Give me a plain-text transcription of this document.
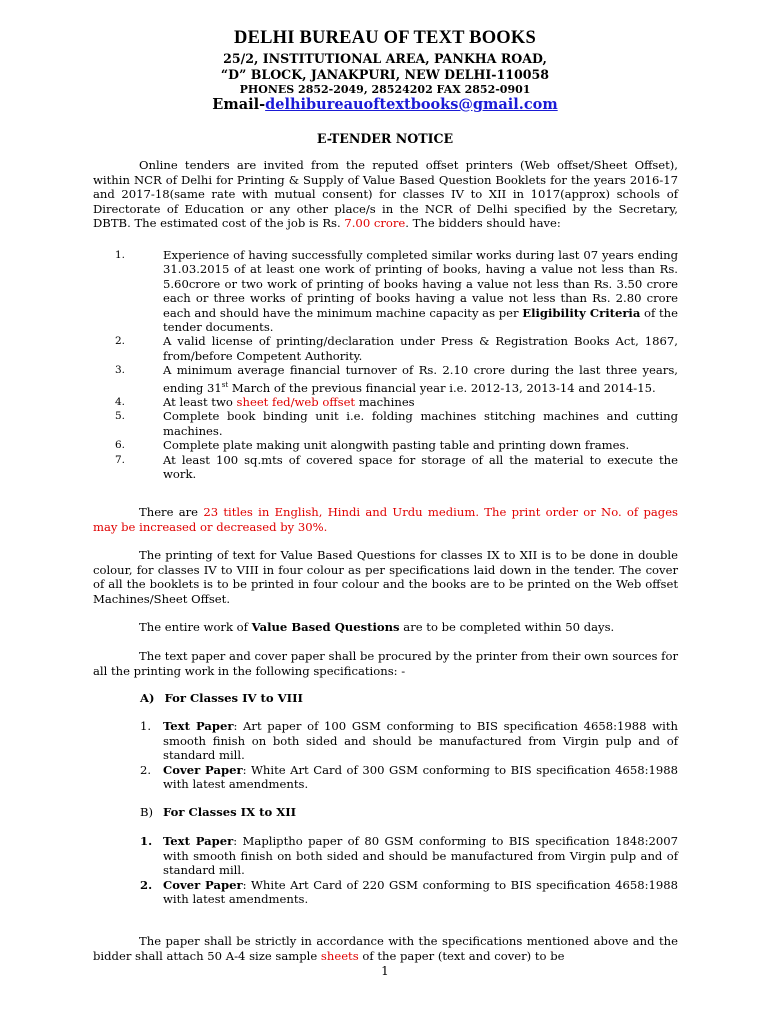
DELHI BUREAU OF TEXT BOOKS
25/2, INSTITUTIONAL AREA, PANKHA ROAD,
“D” BLOCK, JANAKPURI, NEW DELHI-110058
PHONES 2852-2049, 28524202 FAX 2852-0901
Email-delhibureauoftextbooks@gmail.com
E-TENDER NOTICE
Online tenders are invited from the reputed offset printers (Web offset/Sheet Offset), within NCR of Delhi for Printing & Supply of Value Based Question Booklets for the years 2016-17 and 2017-18(same rate with mutual consent) for classes IV to XII in 1017(approx) schools of Directorate of Education or any other place/s in the NCR of Delhi specified by the Secretary, DBTB. The estimated cost of the job is Rs. 7.00 crore. The bidders should have:
1.	Experience of having successfully completed similar works during last 07 years ending 31.03.2015 of at least one work of printing of books, having a value not less than Rs. 5.60crore or two work of printing of books having a value not less than Rs. 3.50 crore each or three works of printing of books having a value not less than Rs. 2.80 crore each and should have the minimum machine capacity as per Eligibility Criteria of the tender documents.
2.	A valid license of printing/declaration under Press & Registration Books Act, 1867, from/before Competent Authority.
3.	A minimum average financial turnover of Rs. 2.10 crore during the last three years, ending 31st March of the previous financial year i.e. 2012-13, 2013-14 and 2014-15.
4.	At least two sheet fed/web offset machines
5.	Complete book binding unit i.e. folding machines stitching machines and cutting machines.
6.	Complete plate making unit alongwith pasting table and printing down frames.
7.	At least 100 sq.mts of covered space for storage of all the material to execute the work.
There are 23 titles in English, Hindi and Urdu medium. The print order or No. of pages may be increased or decreased by 30%.
The printing of text for Value Based Questions for classes IX to XII is to be done in double colour, for classes IV to VIII in four colour as per specifications laid down in the tender. The cover of all the booklets is to be printed in four colour and the books are to be printed on the Web offset Machines/Sheet Offset.
The entire work of Value Based Questions are to be completed within 50 days.
The text paper and cover paper shall be procured by the printer from their own sources for all the printing work in the following specifications: -
A) For Classes IV to VIII
1. Text Paper: Art paper of 100 GSM conforming to BIS specification 4658:1988 with smooth finish on both sided and should be manufactured from Virgin pulp and of standard mill.
2. Cover Paper: White Art Card of 300 GSM conforming to BIS specification 4658:1988 with latest amendments.
B) For Classes IX to XII
1. Text Paper: Mapliptho paper of 80 GSM conforming to BIS specification 1848:2007 with smooth finish on both sided and should be manufactured from Virgin pulp and of standard mill.
2. Cover Paper: White Art Card of 220 GSM conforming to BIS specification 4658:1988 with latest amendments.
The paper shall be strictly in accordance with the specifications mentioned above and the bidder shall attach 50 A-4 size sample sheets of the paper (text and cover) to be
1
